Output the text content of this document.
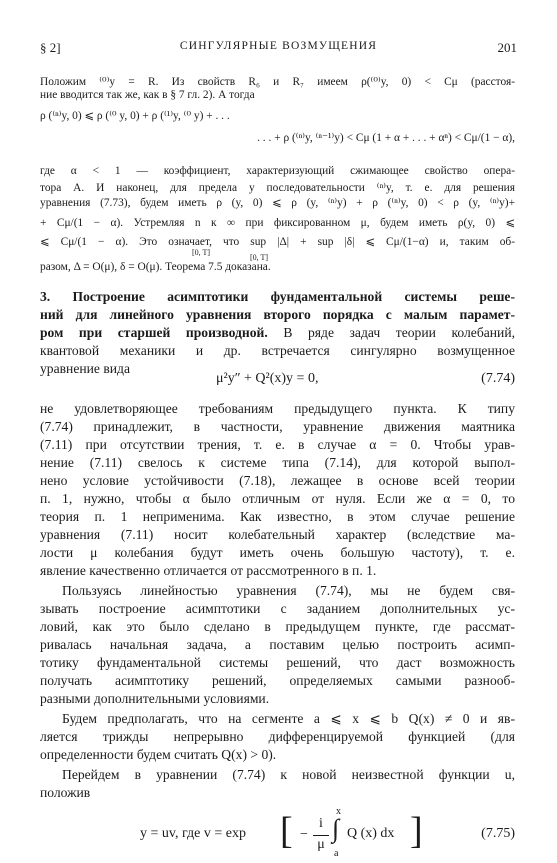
§ 2]	СИНГУЛЯРНЫЕ ВОЗМУЩЕНИЯ	201
Положим ⁽⁰⁾y = R. Из свойств R₆ и R₇ имеем ρ(⁽⁰⁾y, 0) < Cμ (расстоя-
ние вводится так же, как в § 7 гл. 2). А тогда
ρ (⁽ⁿ⁾y, 0) ⩽ ρ (⁽⁰ y, 0) + ρ (⁽¹⁾y, ⁽⁰ y) + . . .
. . . + ρ (⁽ⁿ⁾y, ⁽ⁿ⁻¹⁾y) < Cμ (1 + α + . . . + αⁿ) < Cμ/(1 − α),
где α < 1 — коэффициент, характеризующий сжимающее свойство опера-
тора A. И наконец, для предела y последовательности ⁽ⁿ⁾y, т. е. для решения
уравнения (7.73), будем иметь ρ (y, 0) ⩽ ρ (y, ⁽ⁿ⁾y) + ρ (⁽ⁿ⁾y, 0) < ρ (y, ⁽ⁿ⁾y)+
+ Cμ/(1 − α). Устремляя n к ∞ при фиксированном μ, будем иметь ρ(y, 0) ⩽
⩽ Cμ/(1 − α). Это означает, что sup |Δ| + sup |δ| ⩽ Cμ/(1−α) и, таким об-
[0, T]
[0, T]
разом, Δ = O(μ), δ = O(μ). Теорема 7.5 доказана.
3. Построение асимптотики фундаментальной системы реше-
ний для линейного уравнения второго порядка с малым парамет-
ром при старшей производной. В ряде задач теории колебаний,
квантовой механики и др. встречается сингулярно возмущенное
уравнение вида
μ²y″ + Q²(x)y = 0,	(7.74)
не удовлетворяющее требованиям предыдущего пункта. К типу
(7.74) принадлежит, в частности, уравнение движения маятника
(7.11) при отсутствии трения, т. е. в случае α = 0. Чтобы урав-
нение (7.11) свелось к системе типа (7.14), для которой выпол-
нено условие устойчивости (7.18), лежащее в основе всей теории
п. 1, нужно, чтобы α было отличным от нуля. Если же α = 0, то
теория п. 1 неприменима. Как известно, в этом случае решение
уравнения (7.11) носит колебательный характер (вследствие ма-
лости μ колебания будут иметь очень большую частоту), т. е.
явление качественно отличается от рассмотренного в п. 1.
Пользуясь линейностью уравнения (7.74), мы не будем свя-
зывать построение асимптотики с заданием дополнительных ус-
ловий, как это было сделано в предыдущем пункте, где рассмат-
ривалась начальная задача, а поставим целью построить асимп-
тотику фундаментальной системы решений, что даст возможность
получать асимптотику решений, определяемых самыми разнооб-
разными дополнительными условиями.
Будем предполагать, что на сегменте a ⩽ x ⩽ b Q(x) ≠ 0 и яв-
ляется трижды непрерывно дифференцируемой функцией (для
определенности будем считать Q(x) > 0).
Перейдем в уравнении (7.74) к новой неизвестной функции u,
положив
y = uv, где v = exp [ −
i
μ
x
∫
a
Q (x) dx ]	(7.75)
